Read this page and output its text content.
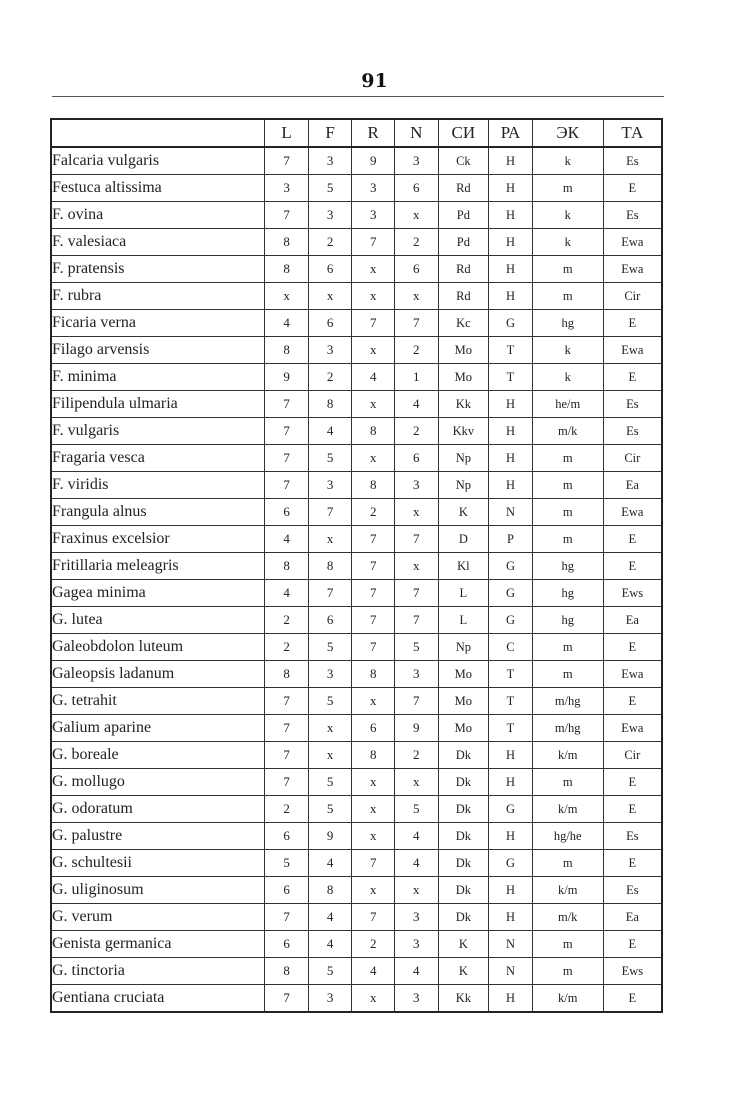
91
	L	F	R	N	СИ	РА	ЭК	ТА
Falcaria vulgaris	7	3	9	3	Ck	H	k	Es
Festuca altissima	3	5	3	6	Rd	H	m	E
F. ovina	7	3	3	x	Pd	H	k	Es
F. valesiaca	8	2	7	2	Pd	H	k	Ewa
F. pratensis	8	6	x	6	Rd	H	m	Ewa
F. rubra	x	x	x	x	Rd	H	m	Cir
Ficaria verna	4	6	7	7	Kc	G	hg	E
Filago arvensis	8	3	x	2	Mo	T	k	Ewa
F. minima	9	2	4	1	Mo	T	k	E
Filipendula ulmaria	7	8	x	4	Kk	H	he/m	Es
F. vulgaris	7	4	8	2	Kkv	H	m/k	Es
Fragaria vesca	7	5	x	6	Np	H	m	Cir
F. viridis	7	3	8	3	Np	H	m	Ea
Frangula alnus	6	7	2	x	K	N	m	Ewa
Fraxinus excelsior	4	x	7	7	D	P	m	E
Fritillaria meleagris	8	8	7	x	Kl	G	hg	E
Gagea minima	4	7	7	7	L	G	hg	Ews
G. lutea	2	6	7	7	L	G	hg	Ea
Galeobdolon luteum	2	5	7	5	Np	C	m	E
Galeopsis ladanum	8	3	8	3	Mo	T	m	Ewa
G. tetrahit	7	5	x	7	Mo	T	m/hg	E
Galium aparine	7	x	6	9	Mo	T	m/hg	Ewa
G. boreale	7	x	8	2	Dk	H	k/m	Cir
G. mollugo	7	5	x	x	Dk	H	m	E
G. odoratum	2	5	x	5	Dk	G	k/m	E
G. palustre	6	9	x	4	Dk	H	hg/he	Es
G. schultesii	5	4	7	4	Dk	G	m	E
G. uliginosum	6	8	x	x	Dk	H	k/m	Es
G. verum	7	4	7	3	Dk	H	m/k	Ea
Genista germanica	6	4	2	3	K	N	m	E
G. tinctoria	8	5	4	4	K	N	m	Ews
Gentiana cruciata	7	3	x	3	Kk	H	k/m	E
